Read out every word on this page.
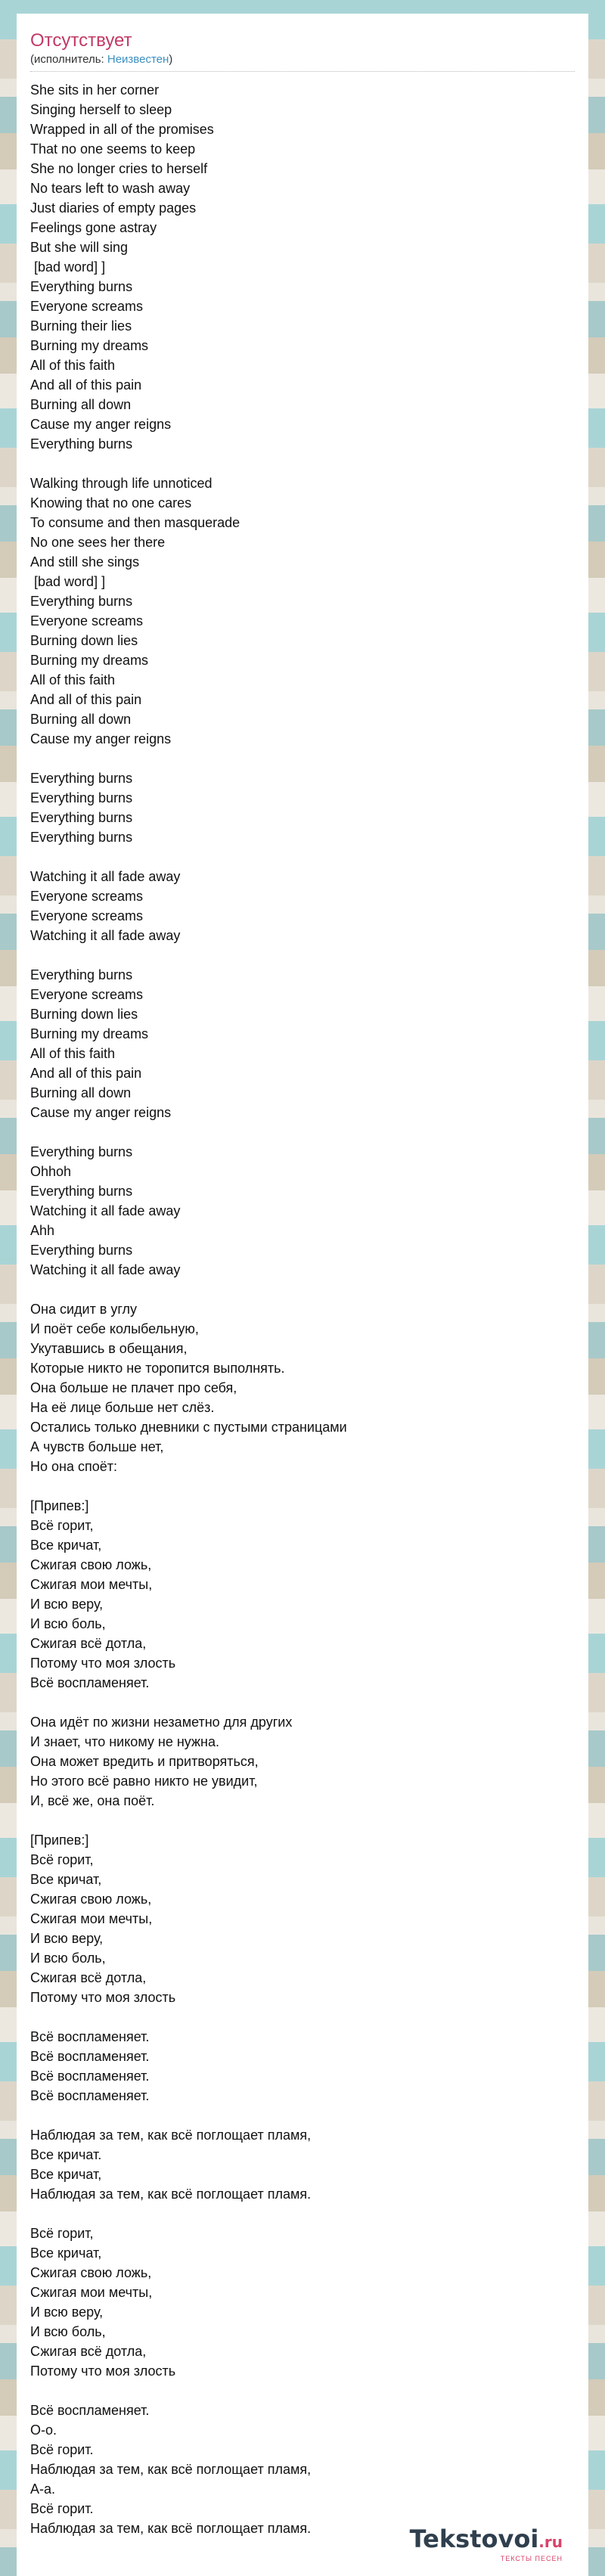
Отсутствует
(исполнитель: Неизвестен)
She sits in her corner
Singing herself to sleep
Wrapped in all of the promises
That no one seems to keep
She no longer cries to herself
No tears left to wash away
Just diaries of empty pages
Feelings gone astray
But she will sing
[bad word] ]
Everything burns
Everyone screams
Burning their lies
Burning my dreams
All of this faith
And all of this pain
Burning all down
Cause my anger reigns
Everything burns

Walking through life unnoticed
Knowing that no one cares
To consume and then masquerade
No one sees her there
And still she sings
[bad word] ]
Everything burns
Everyone screams
Burning down lies
Burning my dreams
All of this faith
And all of this pain
Burning all down
Cause my anger reigns

Everything burns
Everything burns
Everything burns
Everything burns

Watching it all fade away
Everyone screams
Everyone screams
Watching it all fade away

Everything burns
Everyone screams
Burning down lies
Burning my dreams
All of this faith
And all of this pain
Burning all down
Cause my anger reigns

Everything burns
Ohhoh
Everything burns
Watching it all fade away
Ahh
Everything burns
Watching it all fade away

Она сидит в углу
И поёт себе колыбельную,
Укутавшись в обещания,
Которые никто не торопится выполнять.
Она больше не плачет про себя,
На её лице больше нет слёз.
Остались только дневники с пустыми страницами
А чувств больше нет,
Но она споёт:

[Припев:]
Всё горит,
Все кричат,
Сжигая свою ложь,
Сжигая мои мечты,
И всю веру,
И всю боль,
Сжигая всё дотла,
Потому что моя злость
Всё воспламеняет.

Она идёт по жизни незаметно для других
И знает, что никому не нужна.
Она может вредить и притворяться,
Но этого всё равно никто не увидит,
И, всё же, она поёт.

[Припев:]
Всё горит,
Все кричат,
Сжигая свою ложь,
Сжигая мои мечты,
И всю веру,
И всю боль,
Сжигая всё дотла,
Потому что моя злость

Всё воспламеняет.
Всё воспламеняет.
Всё воспламеняет.
Всё воспламеняет.

Наблюдая за тем, как всё поглощает пламя,
Все кричат.
Все кричат,
Наблюдая за тем, как всё поглощает пламя.

Всё горит,
Все кричат,
Сжигая свою ложь,
Сжигая мои мечты,
И всю веру,
И всю боль,
Сжигая всё дотла,
Потому что моя злость

Всё воспламеняет.
О-о.
Всё горит.
Наблюдая за тем, как всё поглощает пламя,
А-а.
Всё горит.
Наблюдая за тем, как всё поглощает пламя.	Tekstovoi.ru
ТЕКСТЫ ПЕСЕН
